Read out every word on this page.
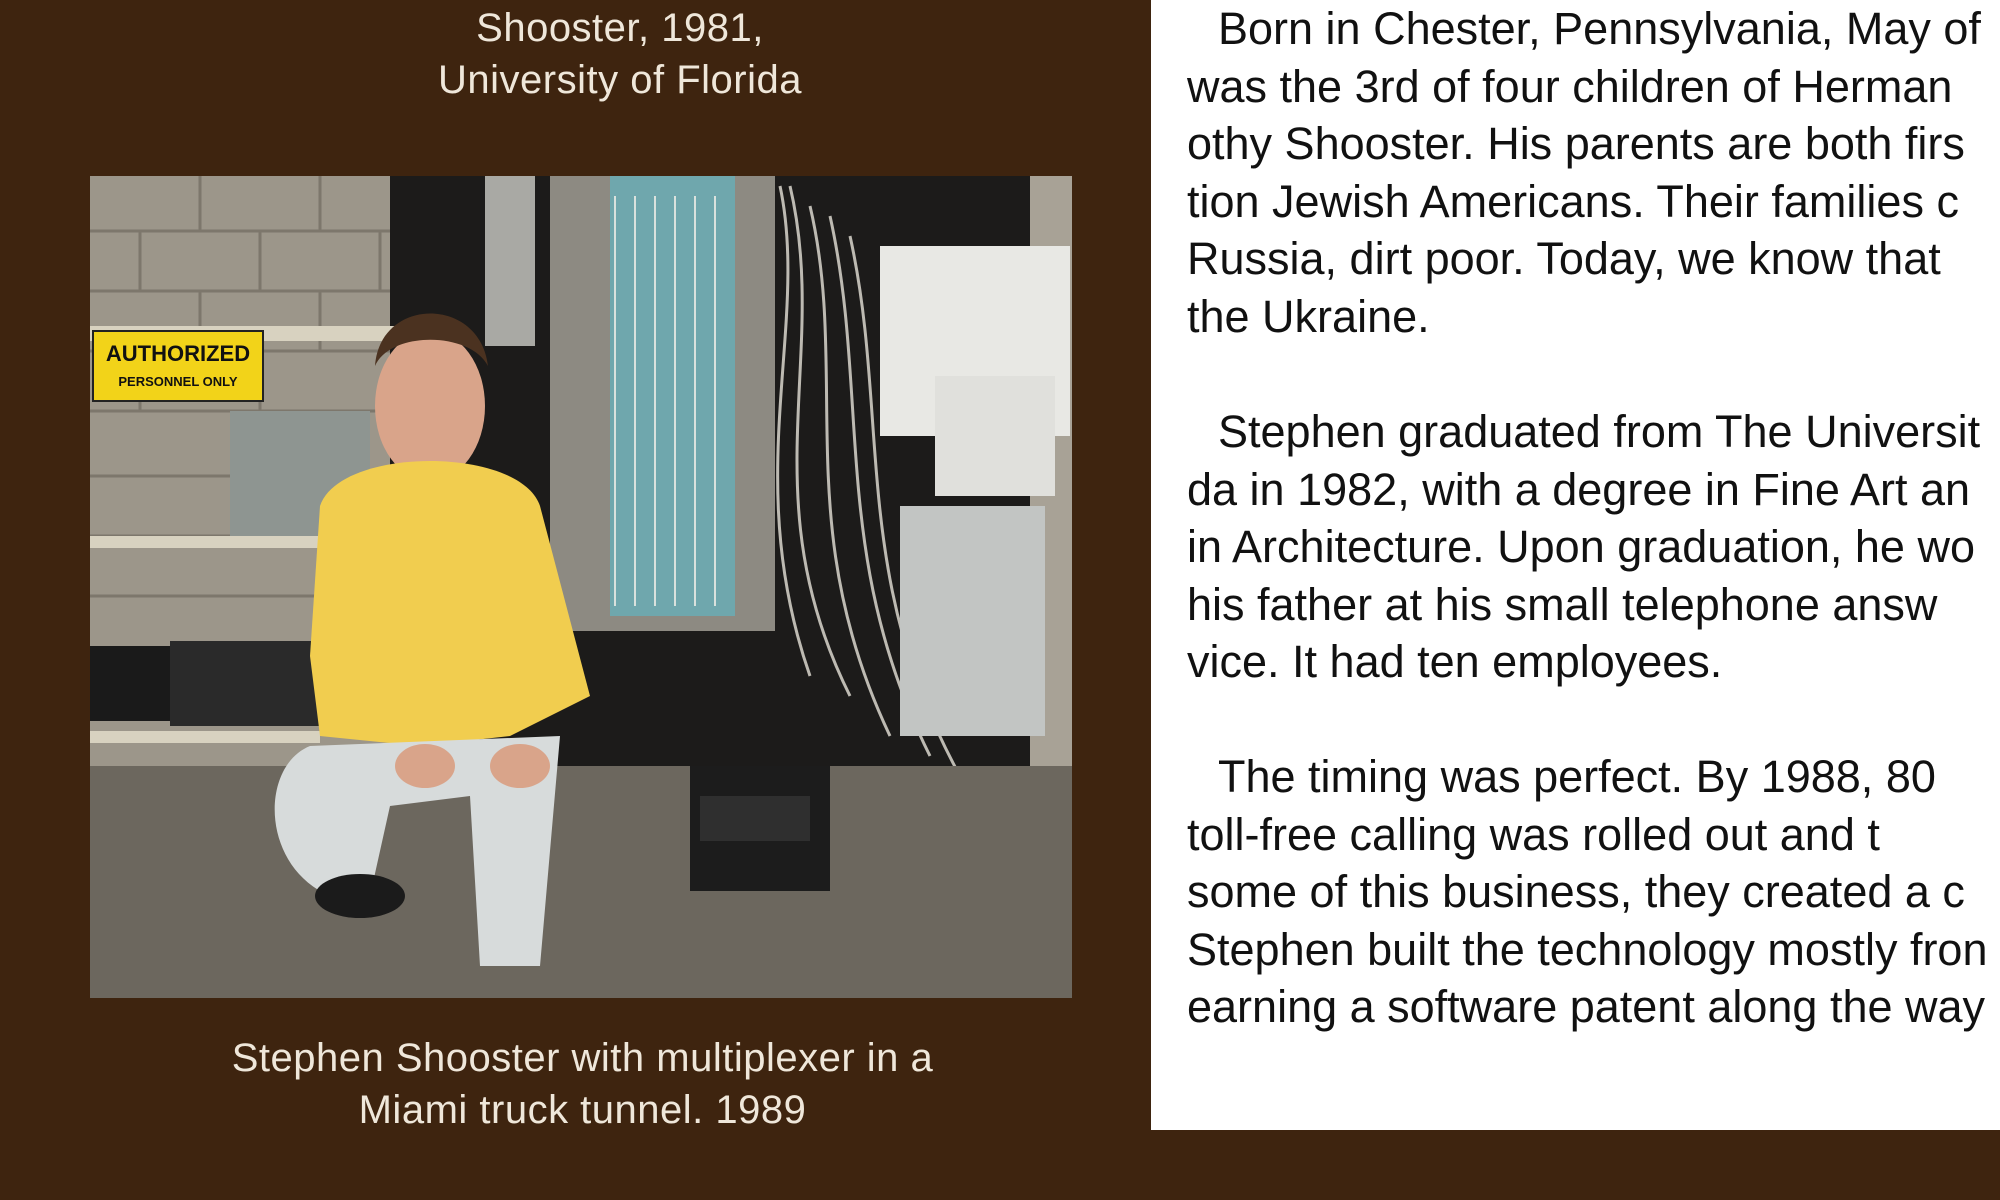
Shooster, 1981,
University of Florida
AUTHORIZED
PERSONNEL ONLY
Stephen Shooster with multiplexer in a
Miami truck tunnel. 1989
Born in Chester, Pennsylvania, May of
was the 3rd of four children of Herman
othy Shooster. His parents are both firs
tion Jewish Americans. Their families c
Russia, dirt poor. Today, we know that
the Ukraine.
Stephen graduated from The Universit
da in 1982, with a degree in Fine Art an
in Architecture. Upon graduation, he wo
his father at his small telephone answ
vice. It had ten employees.
The timing was perfect. By 1988, 80
toll-free calling was rolled out and t
some of this business, they created a c
Stephen built the technology mostly fron
earning a software patent along the way
